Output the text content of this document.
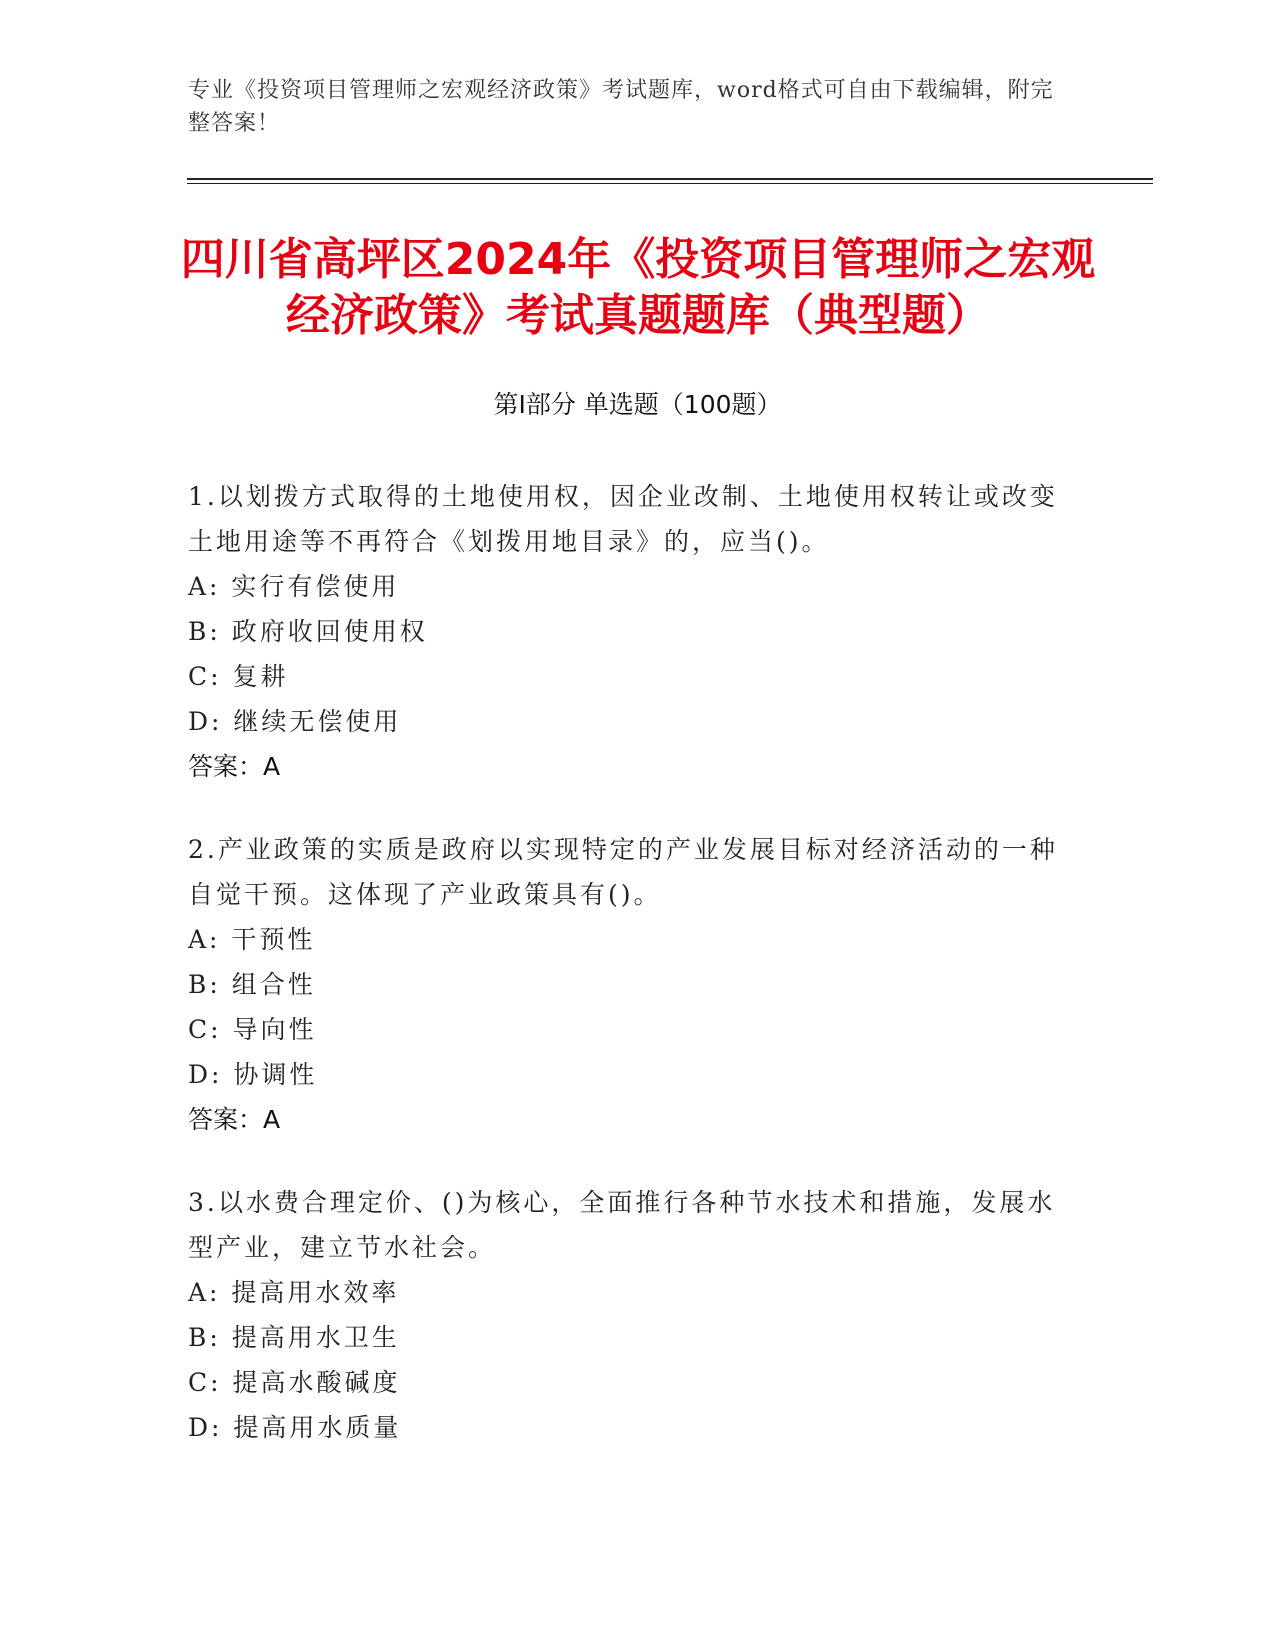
专业《投资项目管理师之宏观经济政策》考试题库，word格式可自由下载编辑，附完整答案！
四川省高坪区2024年《投资项目管理师之宏观经济政策》考试真题题库（典型题）
第I部分 单选题（100题）
1.以划拨方式取得的土地使用权，因企业改制、土地使用权转让或改变土地用途等不再符合《划拨用地目录》的，应当()。
A: 实行有偿使用
B: 政府收回使用权
C: 复耕
D: 继续无偿使用
答案：A
2.产业政策的实质是政府以实现特定的产业发展目标对经济活动的一种自觉干预。这体现了产业政策具有()。
A: 干预性
B: 组合性
C: 导向性
D: 协调性
答案：A
3.以水费合理定价、()为核心，全面推行各种节水技术和措施，发展水型产业，建立节水社会。
A: 提高用水效率
B: 提高用水卫生
C: 提高水酸碱度
D: 提高用水质量
